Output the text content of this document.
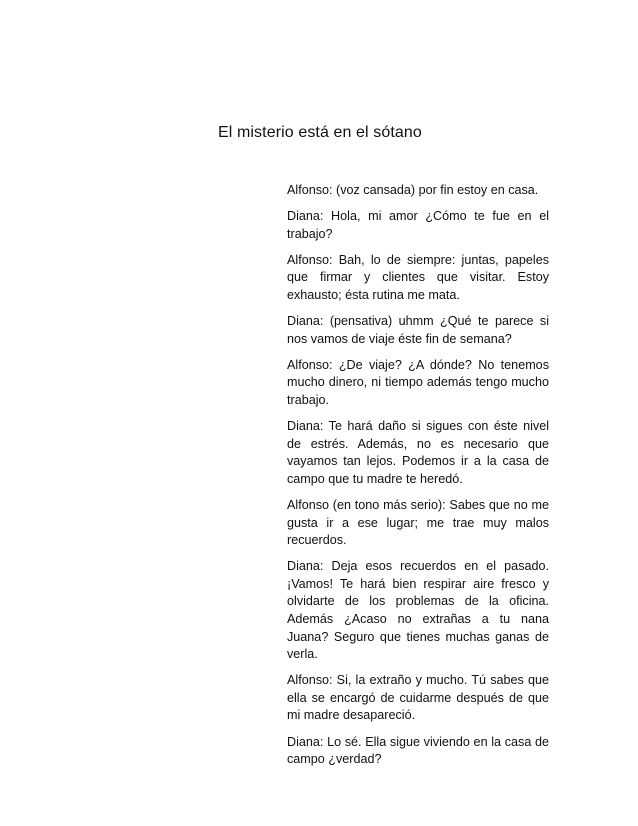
El misterio está en el sótano

Alfonso: (voz cansada) por fin estoy en casa.

Diana: Hola, mi amor ¿Cómo te fue en el trabajo?

Alfonso: Bah, lo de siempre: juntas, papeles que firmar y clientes que visitar. Estoy exhausto; ésta rutina me mata.

Diana: (pensativa) uhmm ¿Qué te parece si nos vamos de viaje éste fin de semana?

Alfonso: ¿De viaje? ¿A dónde? No tenemos mucho dinero, ni tiempo además tengo mucho trabajo.

Diana: Te hará daño si sigues con éste nivel de estrés. Además, no es necesario que vayamos tan lejos. Podemos ir a la casa de campo que tu madre te heredó.

Alfonso (en tono más serio): Sabes que no me gusta ir a ese lugar; me trae muy malos recuerdos.

Diana: Deja esos recuerdos en el pasado. ¡Vamos! Te hará bien respirar aire fresco y olvidarte de los problemas de la oficina. Además ¿Acaso no extrañas a tu nana Juana? Seguro que tienes muchas ganas de verla.

Alfonso: Si, la extraño y mucho. Tú sabes que ella se encargó de cuidarme después de que mi madre desapareció.

Diana: Lo sé. Ella sigue viviendo en la casa de campo ¿verdad?
